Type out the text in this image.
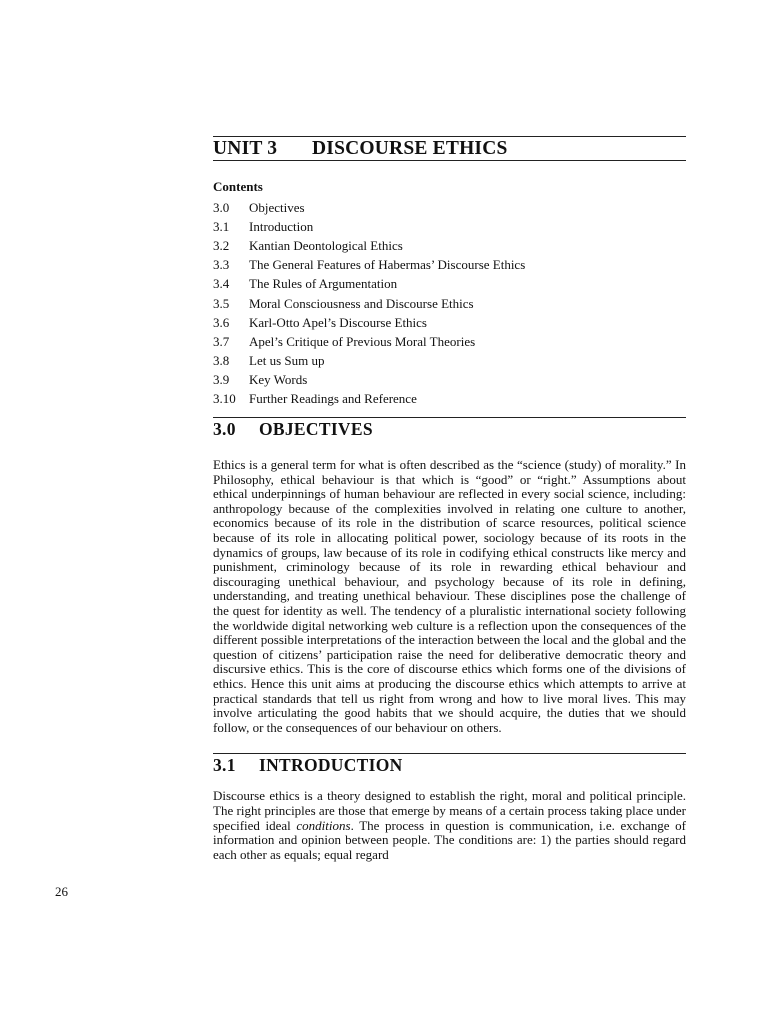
UNIT 3	DISCOURSE ETHICS
Contents
3.0	Objectives
3.1	Introduction
3.2	Kantian Deontological Ethics
3.3	The General Features of Habermas’ Discourse Ethics
3.4	The Rules of Argumentation
3.5	Moral Consciousness and Discourse Ethics
3.6	Karl-Otto Apel’s Discourse Ethics
3.7	Apel’s Critique of Previous Moral Theories
3.8	Let us Sum up
3.9	Key Words
3.10	Further Readings and Reference
3.0	OBJECTIVES

Ethics is a general term for what is often described as the “science (study) of morality.” In Philosophy, ethical behaviour is that which is “good” or “right.” Assumptions about ethical underpinnings of human behaviour are reflected in every social science, including: anthropology because of the complexities involved in relating one culture to another, economics because of its role in the distribution of scarce resources, political science because of its role in allocating political power, sociology because of its roots in the dynamics of groups, law because of its role in codifying ethical constructs like mercy and punishment, criminology because of its role in rewarding ethical behaviour and discouraging unethical behaviour, and psychology because of its role in defining, understanding, and treating unethical behaviour. These disciplines pose the challenge of the quest for identity as well. The tendency of a pluralistic international society following the worldwide digital networking web culture is a reflection upon the consequences of the different possible interpretations of the interaction between the local and the global and the question of citizens’ participation raise the need for deliberative democratic theory and discursive ethics. This is the core of discourse ethics which forms one of the divisions of ethics. Hence this unit aims at producing the discourse ethics which attempts to arrive at practical standards that tell us right from wrong and how to live moral lives. This may involve articulating the good habits that we should acquire, the duties that we should follow, or the consequences of our behaviour on others.

3.1	INTRODUCTION

Discourse ethics is a theory designed to establish the right, moral and political principle. The right principles are those that emerge by means of a certain process taking place under specified ideal conditions. The process in question is communication, i.e. exchange of information and opinion between people. The conditions are: 1) the parties should regard each other as equals; equal regard

26
